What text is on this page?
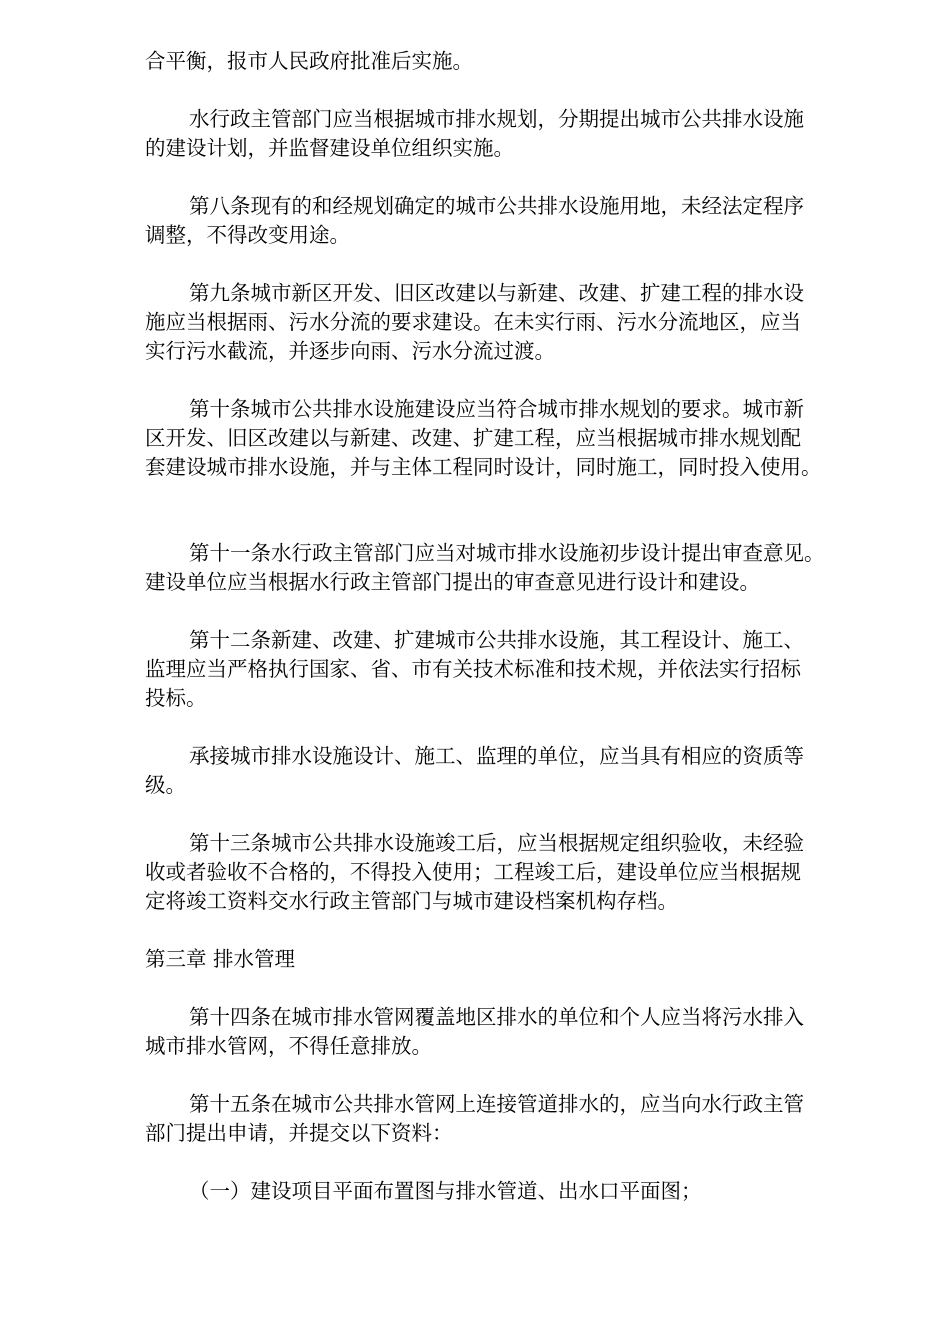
合平衡，报市人民政府批准后实施。

水行政主管部门应当根据城市排水规划，分期提出城市公共排水设施

的建设计划，并监督建设单位组织实施。

第八条现有的和经规划确定的城市公共排水设施用地，未经法定程序

调整，不得改变用途。

第九条城市新区开发、旧区改建以与新建、改建、扩建工程的排水设

施应当根据雨、污水分流的要求建设。在未实行雨、污水分流地区，应当

实行污水截流，并逐步向雨、污水分流过渡。

第十条城市公共排水设施建设应当符合城市排水规划的要求。城市新

区开发、旧区改建以与新建、改建、扩建工程，应当根据城市排水规划配

套建设城市排水设施，并与主体工程同时设计，同时施工，同时投入使用。

第十一条水行政主管部门应当对城市排水设施初步设计提出审查意见。

建设单位应当根据水行政主管部门提出的审查意见进行设计和建设。

第十二条新建、改建、扩建城市公共排水设施，其工程设计、施工、

监理应当严格执行国家、省、市有关技术标准和技术规，并依法实行招标

投标。

承接城市排水设施设计、施工、监理的单位，应当具有相应的资质等

级。

第十三条城市公共排水设施竣工后，应当根据规定组织验收，未经验

收或者验收不合格的，不得投入使用；工程竣工后，建设单位应当根据规

定将竣工资料交水行政主管部门与城市建设档案机构存档。

第三章 排水管理

第十四条在城市排水管网覆盖地区排水的单位和个人应当将污水排入

城市排水管网，不得任意排放。

第十五条在城市公共排水管网上连接管道排水的，应当向水行政主管

部门提出申请，并提交以下资料：

（一）建设项目平面布置图与排水管道、出水口平面图；
